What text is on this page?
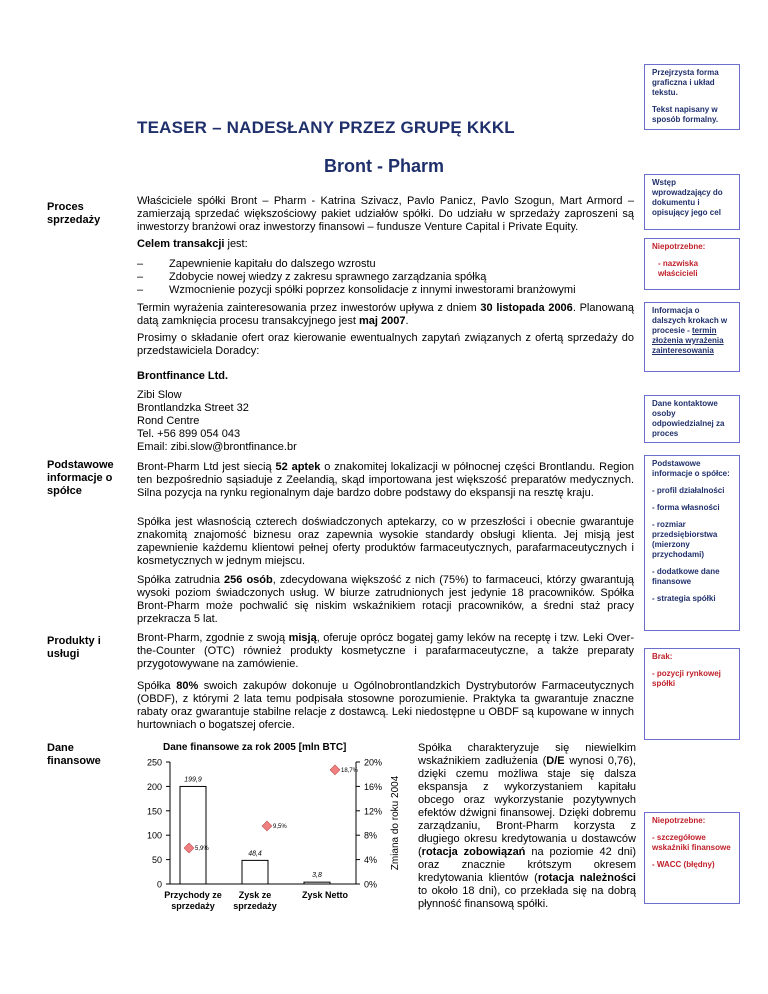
TEASER – NADESŁANY PRZEZ GRUPĘ KKKL
Bront - Pharm
Proces sprzedaży
Podstawowe informacje o spółce
Produkty i usługi
Dane finansowe
Właściciele spółki Bront – Pharm - Katrina Szivacz, Pavlo Panicz, Pavlo Szogun, Mart Armord – zamierzają sprzedać większościowy pakiet udziałów spółki. Do udziału w sprzedaży zaproszeni są inwestorzy branżowi oraz inwestorzy finansowi – fundusze Venture Capital i Private Equity.
Celem transakcji jest:
– Zapewnienie kapitału do dalszego wzrostu
– Zdobycie nowej wiedzy z zakresu sprawnego zarządzania spółką
– Wzmocnienie pozycji spółki poprzez konsolidacje z innymi inwestorami branżowymi
Termin wyrażenia zainteresowania przez inwestorów upływa z dniem 30 listopada 2006. Planowaną datą zamknięcia procesu transakcyjnego jest maj 2007.
Prosimy o składanie ofert oraz kierowanie ewentualnych zapytań związanych z ofertą sprzedaży do przedstawiciela Doradcy:
Brontfinance Ltd.
Zibi Slow
Brontlandzka Street 32
Rond Centre
Tel. +56 899 054 043
Email: zibi.slow@brontfinance.br
Bront-Pharm Ltd jest siecią 52 aptek o znakomitej lokalizacji w północnej części Brontlandu. Region ten bezpośrednio sąsiaduje z Zeelandią, skąd importowana jest większość preparatów medycznych. Silna pozycja na rynku regionalnym daje bardzo dobre podstawy do ekspansji na resztę kraju.
Spółka jest własnością czterech doświadczonych aptekarzy, co w przeszłości i obecnie gwarantuje znakomitą znajomość biznesu oraz zapewnia wysokie standardy obsługi klienta. Jej misją jest zapewnienie każdemu klientowi pełnej oferty produktów farmaceutycznych, parafarmaceutycznych i kosmetycznych w jednym miejscu.
Spółka zatrudnia 256 osób, zdecydowana większość z nich (75%) to farmaceuci, którzy gwarantują wysoki poziom świadczonych usług. W biurze zatrudnionych jest jedynie 18 pracowników. Spółka Bront-Pharm może pochwalić się niskim wskaźnikiem rotacji pracowników, a średni staż pracy przekracza 5 lat.
Bront-Pharm, zgodnie z swoją misją, oferuje oprócz bogatej gamy leków na receptę i tzw. Leki Over-the-Counter (OTC) również produkty kosmetyczne i parafarmaceutyczne, a także preparaty przygotowywane na zamówienie.
Spółka 80% swoich zakupów dokonuje u Ogólnobrontlandzkich Dystrybutorów Farmaceutycznych (OBDF), z którymi 2 lata temu podpisała stosowne porozumienie. Praktyka ta gwarantuje znaczne rabaty oraz gwarantuje stabilne relacje z dostawcą. Leki niedostępne u OBDF są kupowane w innych hurtowniach o bogatszej ofercie.
Dane finansowe za rok 2005 [mln BTC]
0
50
100
150
200
250
0%
4%
8%
12%
16%
20%
Zmiana do roku 2004
199,9
Przychody ze
sprzedaży
5,9%
48,4
Zysk ze
sprzedaży
9,5%
3,8
Zysk Netto
18,7%
Spółka charakteryzuje się niewielkim wskaźnikiem zadłużenia (D/E wynosi 0,76), dzięki czemu możliwa staje się dalsza ekspansja z wykorzystaniem kapitału obcego oraz wykorzystanie pozytywnych efektów dźwigni finansowej. Dzięki dobremu zarządzaniu, Bront-Pharm korzysta z długiego okresu kredytowania u dostawców (rotacja zobowiązań na poziomie 42 dni) oraz znacznie krótszym okresem kredytowania klientów (rotacja należności to około 18 dni), co przekłada się na dobrą płynność finansową spółki.

Przejrzysta forma graficzna i układ tekstu.

Tekst napisany w sposób formalny.

Wstęp wprowadzający do dokumentu i opisujący jego cel

Niepotrzebne:

- nazwiska właścicieli

Informacja o dalszych krokach w procesie - termin złożenia wyrażenia zainteresowania

Dane kontaktowe osoby odpowiedzialnej za proces

Podstawowe informacje o spółce:

- profil działalności

- forma własności

- rozmiar przedsiębiorstwa (mierzony przychodami)

- dodatkowe dane finansowe

- strategia spółki

Brak:

- pozycji rynkowej spółki

Niepotrzebne:

- szczegółowe wskaźniki finansowe

- WACC (błędny)
